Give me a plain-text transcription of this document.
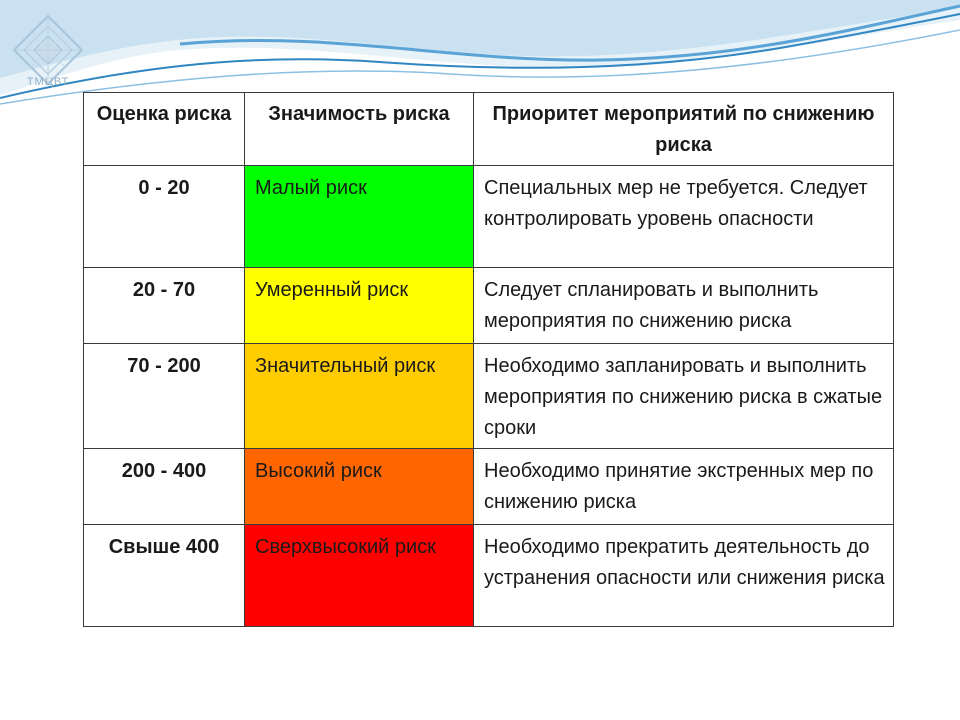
ТМЦВТ
Оценка риска	Значимость риска	Приоритет мероприятий по снижению риска
0 - 20	Малый риск	Специальных мер не требуется. Следует контролировать уровень опасности
20 - 70	Умеренный риск	Следует спланировать и выполнить мероприятия по снижению риска
70 - 200	Значительный риск	Необходимо запланировать и выполнить мероприятия по снижению риска в сжатые сроки
200 - 400	Высокий риск	Необходимо принятие экстренных мер по снижению риска
Свыше 400	Сверхвысокий риск	Необходимо прекратить деятельность до устранения опасности или снижения риска
